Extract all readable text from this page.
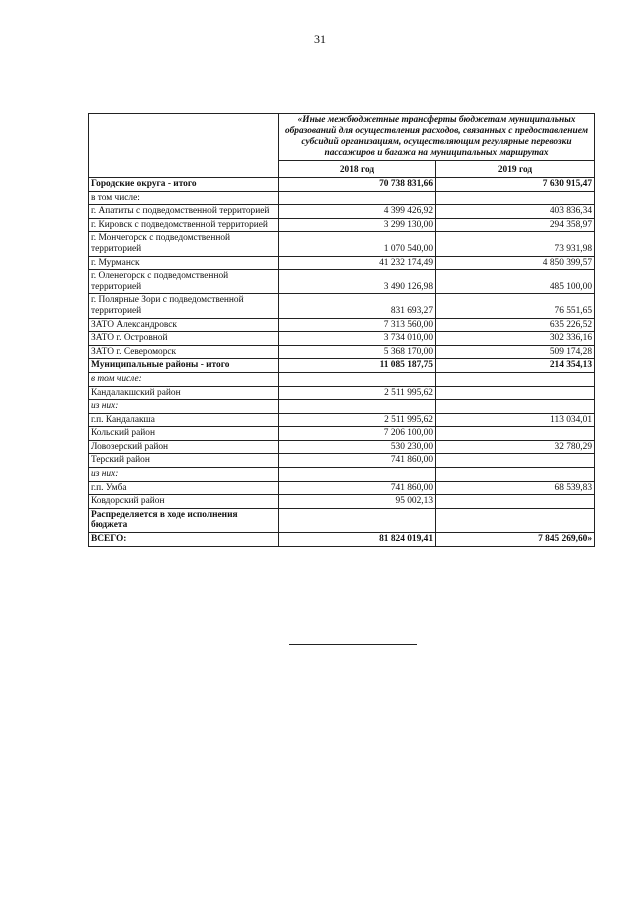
31
	«Иные межбюджетные трансферты бюджетам муниципальных образований для осуществления расходов, связанных с предоставлением субсидий организациям, осуществляющим регулярные перевозки пассажиров и багажа на муниципальных маршрутах	
	2018 год	2019 год
Городские округа - итого	70 738 831,66	7 630 915,47
в том числе:		
г. Апатиты с подведомственной территорией	4 399 426,92	403 836,34
г. Кировск с подведомственной территорией	3 299 130,00	294 358,97
г. Мончегорск с подведомственной территорией	1 070 540,00	73 931,98
г. Мурманск	41 232 174,49	4 850 399,57
г. Оленегорск с подведомственной территорией	3 490 126,98	485 100,00
г. Полярные Зори с подведомственной территорией	831 693,27	76 551,65
ЗАТО Александровск	7 313 560,00	635 226,52
ЗАТО г. Островной	3 734 010,00	302 336,16
ЗАТО г. Североморск	5 368 170,00	509 174,28
Муниципальные районы - итого	11 085 187,75	214 354,13
в том числе:		
Кандалакшский район	2 511 995,62	
из них:		
г.п. Кандалакша	2 511 995,62	113 034,01
Кольский район	7 206 100,00	
Ловозерский район	530 230,00	32 780,29
Терский район	741 860,00	
из них:		
г.п. Умба	741 860,00	68 539,83
Ковдорский район	95 002,13	
Распределяется в ходе исполнения бюджета		
ВСЕГО:	81 824 019,41	7 845 269,60»
